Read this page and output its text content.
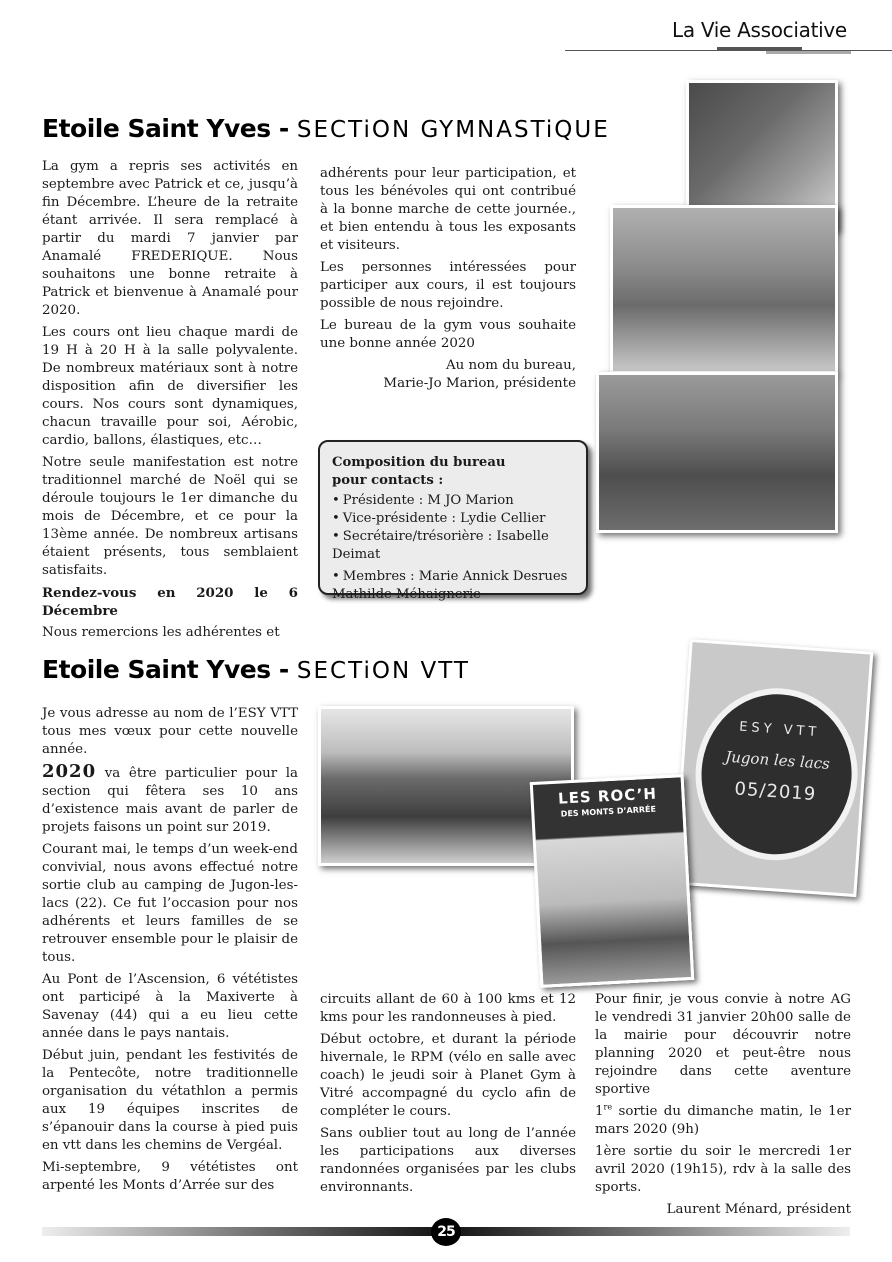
La Vie Associative
Etoile Saint Yves - SECTiON GYMNASTiQUE

La gym a repris ses activités en septembre avec Patrick et ce, jusqu’à fin Décembre. L’heure de la retraite étant arrivée. Il sera remplacé à partir du mardi 7 janvier par Anamalé FREDERIQUE. Nous souhaitons une bonne retraite à Patrick et bienvenue à Anamalé pour 2020.

Les cours ont lieu chaque mardi de 19 H à 20 H à la salle polyvalente. De nombreux matériaux sont à notre disposition afin de diversifier les cours. Nos cours sont dynamiques, chacun travaille pour soi, Aérobic, cardio, ballons, élastiques, etc…

Notre seule manifestation est notre traditionnel marché de Noël qui se déroule toujours le 1er dimanche du mois de Décembre, et ce pour la 13ème année. De nombreux artisans étaient présents, tous semblaient satisfaits.

Rendez-vous en 2020 le 6 Décembre

Nous remercions les adhérentes et

adhérents pour leur participation, et tous les bénévoles qui ont contribué à la bonne marche de cette journée., et bien entendu à tous les exposants et visiteurs.

Les personnes intéressées pour participer aux cours, il est toujours possible de nous rejoindre.

Le bureau de la gym vous souhaite une bonne année 2020

Au nom du bureau,

Marie-Jo Marion, présidente

Composition du bureau
pour contacts :
• Présidente : M JO Marion
• Vice-présidente : Lydie Cellier
• Secrétaire/trésorière : Isabelle Deimat
• Membres : Marie Annick Desrues
Mathilde Méhaignerie
Etoile Saint Yves - SECTiON VTT

Je vous adresse au nom de l’ESY VTT tous mes vœux pour cette nouvelle année.

2020 va être particulier pour la section qui fêtera ses 10 ans d’existence mais avant de parler de projets faisons un point sur 2019.

Courant mai, le temps d’un week-end convivial, nous avons effectué notre sortie club au camping de Jugon-les-lacs (22). Ce fut l’occasion pour nos adhérents et leurs familles de se retrouver ensemble pour le plaisir de tous.

Au Pont de l’Ascension, 6 vététistes ont participé à la Maxiverte à Savenay (44) qui a eu lieu cette année dans le pays nantais.

Début juin, pendant les festivités de la Pentecôte, notre traditionnelle organisation du vétathlon a permis aux 19 équipes inscrites de s’épanouir dans la course à pied puis en vtt dans les chemins de Vergéal.

Mi-septembre, 9 vététistes ont arpenté les Monts d’Arrée sur des

circuits allant de 60 à 100 kms et 12 kms pour les randonneuses à pied.

Début octobre, et durant la période hivernale, le RPM (vélo en salle avec coach) le jeudi soir à Planet Gym à Vitré accompagné du cyclo afin de compléter le cours.

Sans oublier tout au long de l’année les participations aux diverses randonnées organisées par les clubs environnants.

Pour finir, je vous convie à notre AG le vendredi 31 janvier 20h00 salle de la mairie pour découvrir notre planning 2020 et peut-être nous rejoindre dans cette aventure sportive

1re sortie du dimanche matin, le 1er mars 2020 (9h)

1ère sortie du soir le mercredi 1er avril 2020 (19h15), rdv à la salle des sports.

Laurent Ménard, président

ESY VTT
Jugon les lacs
05/2019
LES ROC’H
DES MONTS D’ARRÉE
25
